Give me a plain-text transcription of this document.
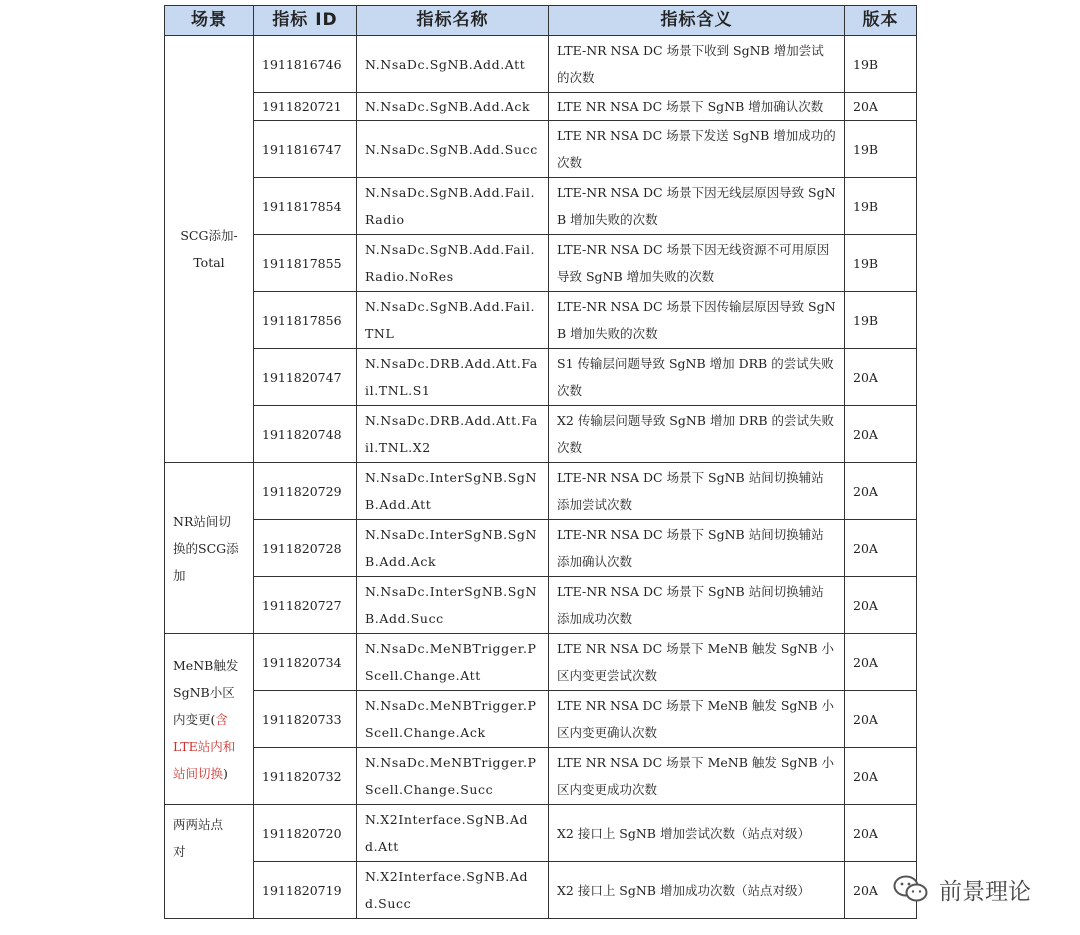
场景	指标 ID	指标名称	指标含义	版本
SCG添加-
Total	1911816746	N.NsaDc.SgNB.Add.Att	LTE-NR NSA DC 场景下收到 SgNB 增加尝试的次数	19B
	1911820721	N.NsaDc.SgNB.Add.Ack	LTE NR NSA DC 场景下 SgNB 增加确认次数	20A
	1911816747	N.NsaDc.SgNB.Add.Succ	LTE NR NSA DC 场景下发送 SgNB 增加成功的次数	19B
	1911817854	N.NsaDc.SgNB.Add.Fail.Radio	LTE-NR NSA DC 场景下因无线层原因导致 SgNB 增加失败的次数	19B
	1911817855	N.NsaDc.SgNB.Add.Fail.Radio.NoRes	LTE-NR NSA DC 场景下因无线资源不可用原因导致 SgNB 增加失败的次数	19B
	1911817856	N.NsaDc.SgNB.Add.Fail.TNL	LTE-NR NSA DC 场景下因传输层原因导致 SgNB 增加失败的次数	19B
	1911820747	N.NsaDc.DRB.Add.Att.Fail.TNL.S1	S1 传输层问题导致 SgNB 增加 DRB 的尝试失败次数	20A
	1911820748	N.NsaDc.DRB.Add.Att.Fail.TNL.X2	X2 传输层问题导致 SgNB 增加 DRB 的尝试失败次数	20A
NR站间切
换的SCG添
加	1911820729	N.NsaDc.InterSgNB.SgNB.Add.Att	LTE-NR NSA DC 场景下 SgNB 站间切换辅站添加尝试次数	20A
	1911820728	N.NsaDc.InterSgNB.SgNB.Add.Ack	LTE-NR NSA DC 场景下 SgNB 站间切换辅站添加确认次数	20A
	1911820727	N.NsaDc.InterSgNB.SgNB.Add.Succ	LTE-NR NSA DC 场景下 SgNB 站间切换辅站添加成功次数	20A
MeNB触发
SgNB小区
内变更(含
LTE站内和
站间切换)	1911820734	N.NsaDc.MeNBTrigger.PScell.Change.Att	LTE NR NSA DC 场景下 MeNB 触发 SgNB 小区内变更尝试次数	20A
	1911820733	N.NsaDc.MeNBTrigger.PScell.Change.Ack	LTE NR NSA DC 场景下 MeNB 触发 SgNB 小区内变更确认次数	20A
	1911820732	N.NsaDc.MeNBTrigger.PScell.Change.Succ	LTE NR NSA DC 场景下 MeNB 触发 SgNB 小区内变更成功次数	20A
两两站点
对	1911820720	N.X2Interface.SgNB.Add.Att	X2 接口上 SgNB 增加尝试次数（站点对级）	20A
	1911820719	N.X2Interface.SgNB.Add.Succ	X2 接口上 SgNB 增加成功次数（站点对级）	20A	前景理论
